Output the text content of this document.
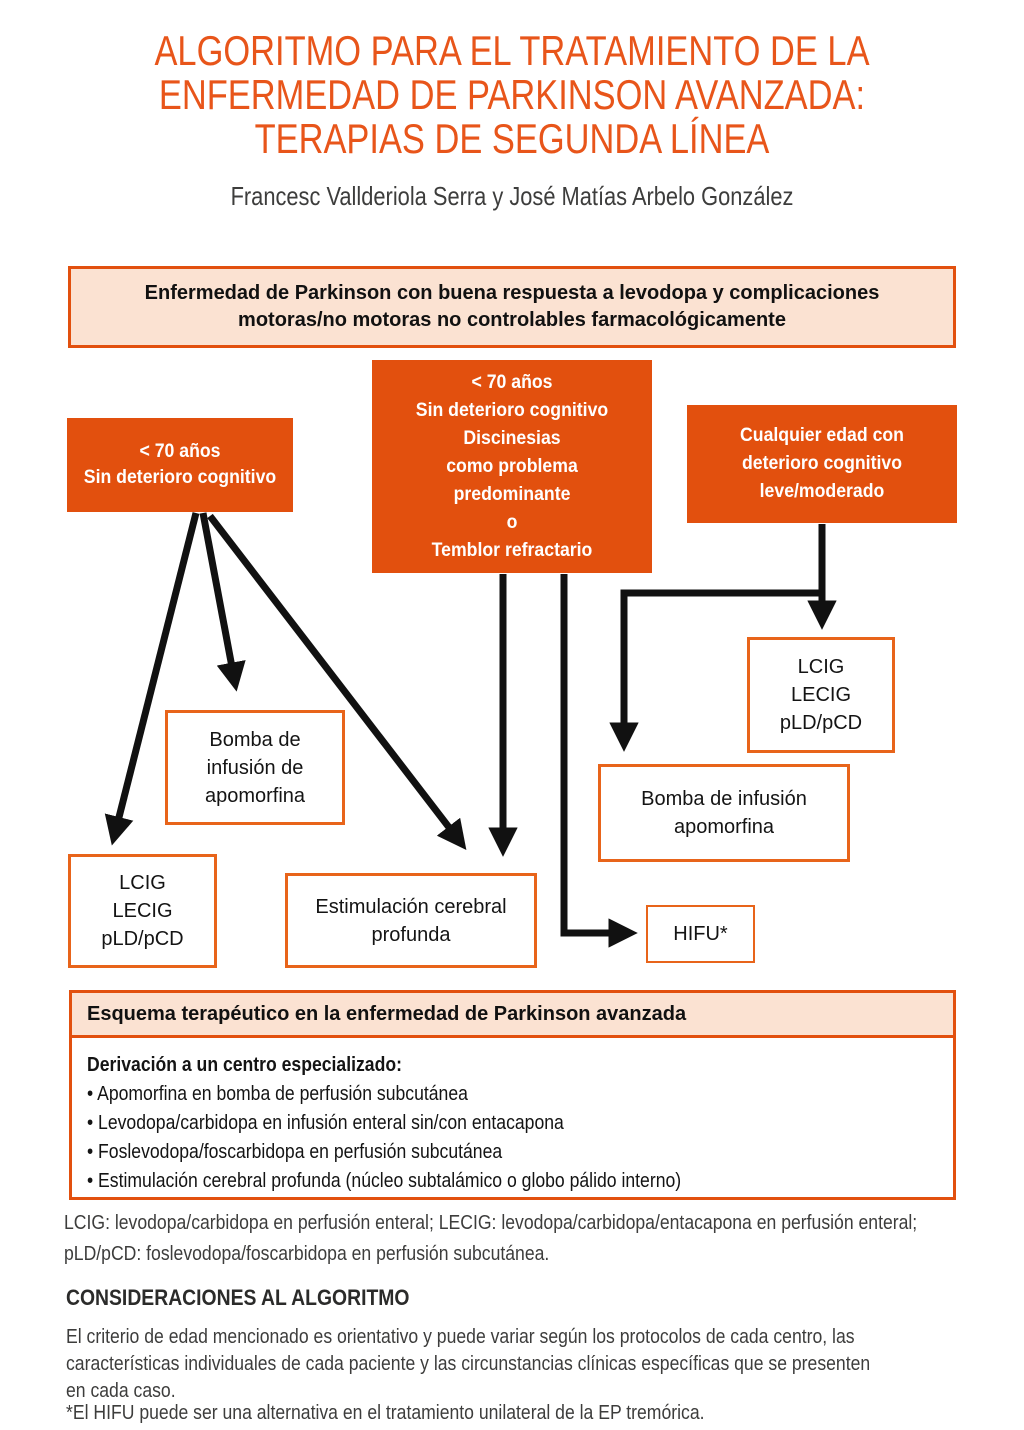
ALGORITMO PARA EL TRATAMIENTO DE LA
ENFERMEDAD DE PARKINSON AVANZADA:
TERAPIAS DE SEGUNDA LÍNEA
Francesc Vallderiola Serra y José Matías Arbelo González
Enfermedad de Parkinson con buena respuesta a levodopa y complicaciones
motoras/no motoras no controlables farmacológicamente
< 70 años
Sin deterioro cognitivo
< 70 años
Sin deterioro cognitivo
Discinesias
como problema
predominante
o
Temblor refractario
Cualquier edad con
deterioro cognitivo
leve/moderado
Bomba de
infusión de
apomorfina
LCIG
LECIG
pLD/pCD
Estimulación cerebral
profunda
LCIG
LECIG
pLD/pCD
Bomba de infusión
apomorfina
HIFU*
Esquema terapéutico en la enfermedad de Parkinson avanzada
Derivación a un centro especializado:
• Apomorfina en bomba de perfusión subcutánea
• Levodopa/carbidopa en infusión enteral sin/con entacapona
• Foslevodopa/foscarbidopa en perfusión subcutánea
• Estimulación cerebral profunda (núcleo subtalámico o globo pálido interno)
LCIG: levodopa/carbidopa en perfusión enteral; LECIG: levodopa/carbidopa/entacapona en perfusión enteral;
pLD/pCD: foslevodopa/foscarbidopa en perfusión subcutánea.
CONSIDERACIONES AL ALGORITMO
El criterio de edad mencionado es orientativo y puede variar según los protocolos de cada centro, las
características individuales de cada paciente y las circunstancias clínicas específicas que se presenten
en cada caso.
*El HIFU puede ser una alternativa en el tratamiento unilateral de la EP tremórica.
